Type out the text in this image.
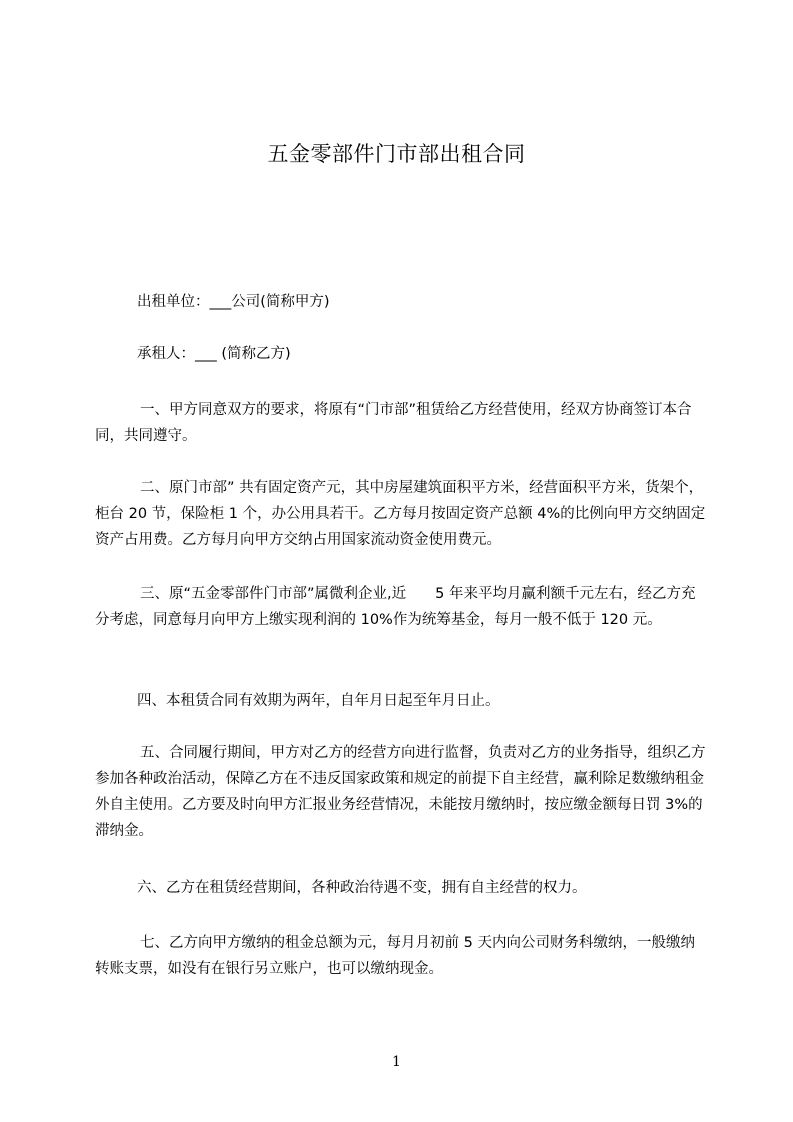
五金零部件门市部出租合同

出租单位：___公司(简称甲方)

承租人：___ (简称乙方)

一、甲方同意双方的要求，将原有“门市部”租赁给乙方经营使用，经双方协商签订本合同，共同遵守。

二、原门市部” 共有固定资产元，其中房屋建筑面积平方米，经营面积平方米，货架个，柜台 20 节，保险柜 1 个，办公用具若干。乙方每月按固定资产总额 4%的比例向甲方交纳固定资产占用费。乙方每月向甲方交纳占用国家流动资金使用费元。

三、原“五金零部件门市部”属微利企业,近　　5 年来平均月赢利额千元左右，经乙方充分考虑，同意每月向甲方上缴实现利润的 10%作为统筹基金，每月一般不低于 120 元。

四、本租赁合同有效期为两年，自年月日起至年月日止。

五、合同履行期间，甲方对乙方的经营方向进行监督，负责对乙方的业务指导，组织乙方参加各种政治活动，保障乙方在不违反国家政策和规定的前提下自主经营，赢利除足数缴纳租金外自主使用。乙方要及时向甲方汇报业务经营情况，未能按月缴纳时，按应缴金额每日罚 3%的滞纳金。

六、乙方在租赁经营期间，各种政治待遇不变，拥有自主经营的权力。

七、乙方向甲方缴纳的租金总额为元，每月月初前 5 天内向公司财务科缴纳，一般缴纳转账支票，如没有在银行另立账户，也可以缴纳现金。

1
